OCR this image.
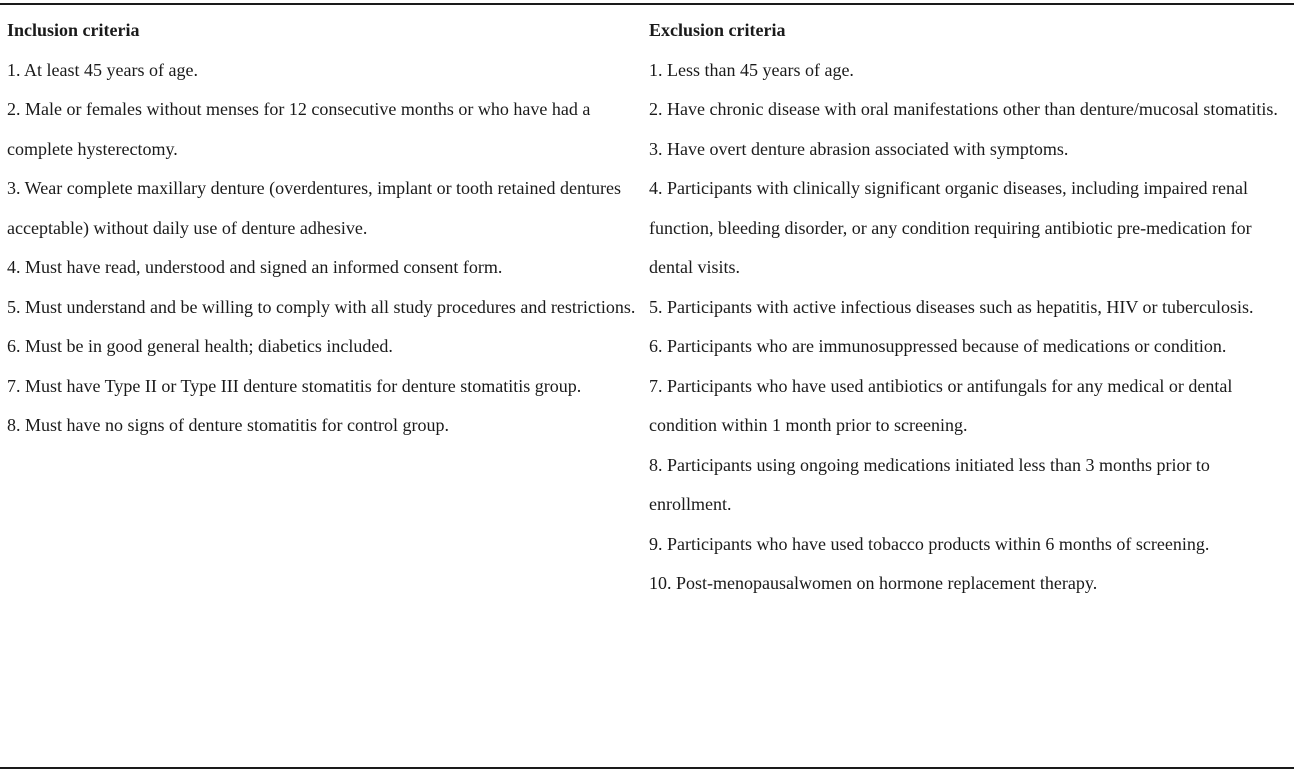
Inclusion criteria
1. At least 45 years of age.
2. Male or females without menses for 12 consecutive months or who have had a complete hysterectomy.
3. Wear complete maxillary denture (overdentures, implant or tooth retained dentures acceptable) without daily use of denture adhesive.
4. Must have read, understood and signed an informed consent form.
5. Must understand and be willing to comply with all study procedures and restrictions.
6. Must be in good general health; diabetics included.
7. Must have Type II or Type III denture stomatitis for denture stomatitis group.
8. Must have no signs of denture stomatitis for control group.
Exclusion criteria
1. Less than 45 years of age.
2. Have chronic disease with oral manifestations other than denture/mucosal stomatitis.
3. Have overt denture abrasion associated with symptoms.
4. Participants with clinically significant organic diseases, including impaired renal function, bleeding disorder, or any condition requiring antibiotic pre-medication for dental visits.
5. Participants with active infectious diseases such as hepatitis, HIV or tuberculosis.
6. Participants who are immunosuppressed because of medications or condition.
7. Participants who have used antibiotics or antifungals for any medical or dental condition within 1 month prior to screening.
8. Participants using ongoing medications initiated less than 3 months prior to enrollment.
9. Participants who have used tobacco products within 6 months of screening.
10. Post-menopausalwomen on hormone replacement therapy.
